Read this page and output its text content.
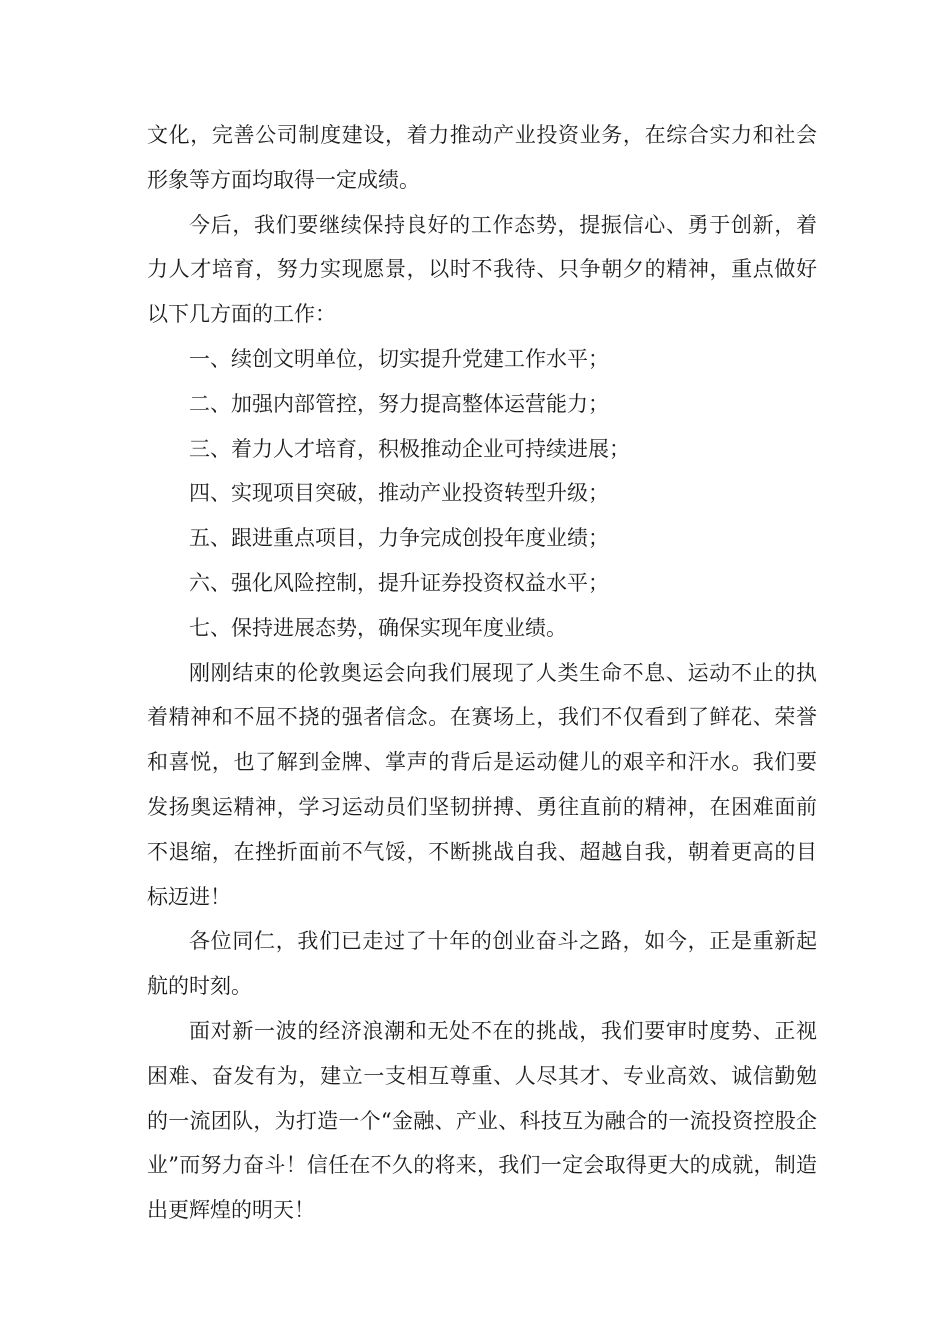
文化，完善公司制度建设，着力推动产业投资业务，在综合实力和社会形象等方面均取得一定成绩。

今后，我们要继续保持良好的工作态势，提振信心、勇于创新，着力人才培育，努力实现愿景，以时不我待、只争朝夕的精神，重点做好以下几方面的工作：

一、续创文明单位，切实提升党建工作水平；

二、加强内部管控，努力提高整体运营能力；

三、着力人才培育，积极推动企业可持续进展；

四、实现项目突破，推动产业投资转型升级；

五、跟进重点项目，力争完成创投年度业绩；

六、强化风险控制，提升证券投资权益水平；

七、保持进展态势，确保实现年度业绩。

刚刚结束的伦敦奥运会向我们展现了人类生命不息、运动不止的执着精神和不屈不挠的强者信念。在赛场上，我们不仅看到了鲜花、荣誉和喜悦，也了解到金牌、掌声的背后是运动健儿的艰辛和汗水。我们要发扬奥运精神，学习运动员们坚韧拼搏、勇往直前的精神，在困难面前不退缩，在挫折面前不气馁，不断挑战自我、超越自我，朝着更高的目标迈进！

各位同仁，我们已走过了十年的创业奋斗之路，如今，正是重新起航的时刻。

面对新一波的经济浪潮和无处不在的挑战，我们要审时度势、正视困难、奋发有为，建立一支相互尊重、人尽其才、专业高效、诚信勤勉的一流团队，为打造一个“金融、产业、科技互为融合的一流投资控股企业”而努力奋斗！信任在不久的将来，我们一定会取得更大的成就，制造出更辉煌的明天！
